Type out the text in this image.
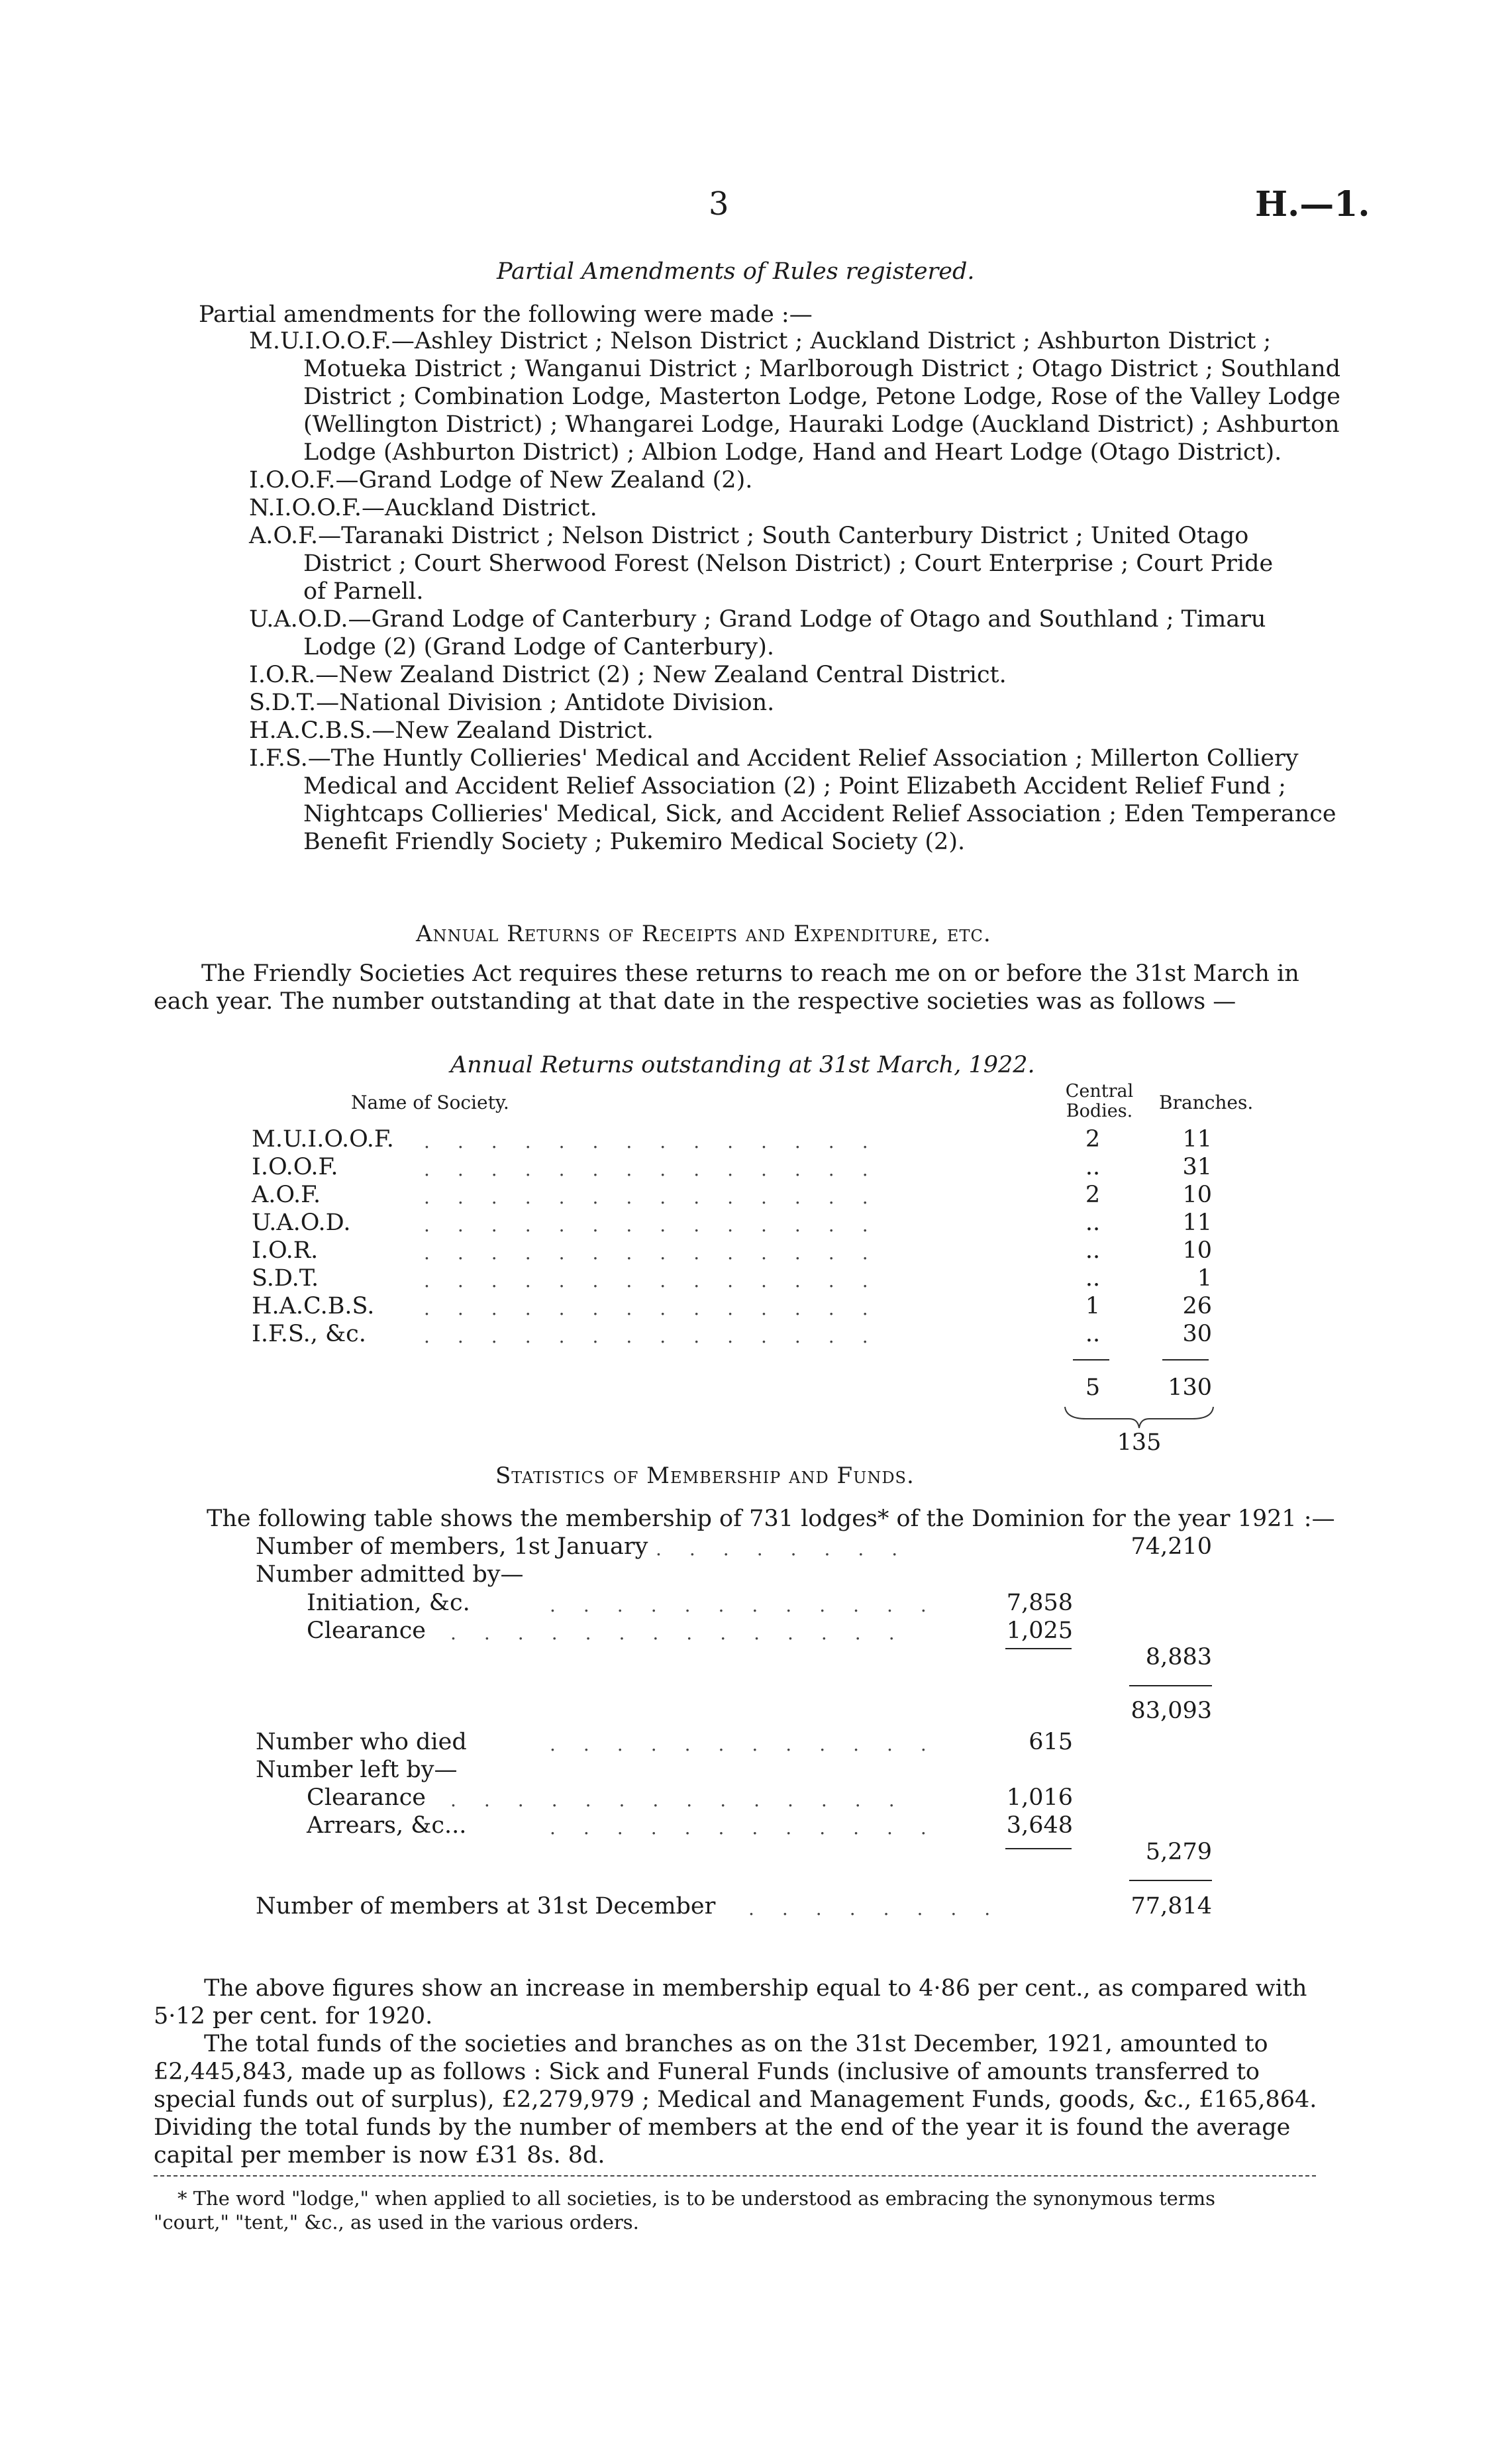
3	H.—1.
Partial Amendments of Rules registered.
Partial amendments for the following were made :—
M.U.I.O.O.F.—Ashley District ; Nelson District ; Auckland District ; Ashburton District ;
Motueka District ; Wanganui District ; Marlborough District ; Otago District ; Southland
District ; Combination Lodge, Masterton Lodge, Petone Lodge, Rose of the Valley Lodge
(Wellington District) ; Whangarei Lodge, Hauraki Lodge (Auckland District) ; Ashburton
Lodge (Ashburton District) ; Albion Lodge, Hand and Heart Lodge (Otago District).
I.O.O.F.—Grand Lodge of New Zealand (2).
N.I.O.O.F.—Auckland District.
A.O.F.—Taranaki District ; Nelson District ; South Canterbury District ; United Otago
District ; Court Sherwood Forest (Nelson District) ; Court Enterprise ; Court Pride
of Parnell.
U.A.O.D.—Grand Lodge of Canterbury ; Grand Lodge of Otago and Southland ; Timaru
Lodge (2) (Grand Lodge of Canterbury).
I.O.R.—New Zealand District (2) ; New Zealand Central District.
S.D.T.—National Division ; Antidote Division.
H.A.C.B.S.—New Zealand District.
I.F.S.—The Huntly Collieries' Medical and Accident Relief Association ; Millerton Colliery
Medical and Accident Relief Association (2) ; Point Elizabeth Accident Relief Fund ;
Nightcaps Collieries' Medical, Sick, and Accident Relief Association ; Eden Temperance
Benefit Friendly Society ; Pukemiro Medical Society (2).
Annual Returns of Receipts and Expenditure, etc.
The Friendly Societies Act requires these returns to reach me on or before the 31st March in
each year. The number outstanding at that date in the respective societies was as follows —
Annual Returns outstanding at 31st March, 1922.
Name of Society.
Central
Bodies.	Branches.
M.U.I.O.O.F. ..............	2	11
I.O.O.F.	..............	..	31
A.O.F.	..............	2	10
U.A.O.D.	..............	..	11
I.O.R.	..............	..	10
S.D.T.	..............	..	1
H.A.C.B.S.	..............	1	26
I.F.S., &c.	..............	..	30
5	130
135
Statistics of Membership and Funds.
The following table shows the membership of 731 lodges* of the Dominion for the year 1921 :—
Number of members, 1st January ........	74,210
Number admitted by—
Initiation, &c.	............	7,858
Clearance ..............	1,025
8,883
83,093
Number who died	............	615
Number left by—
Clearance ..............	1,016
Arrears, &c...	............	3,648
5,279
Number of members at 31st December ........	77,814
The above figures show an increase in membership equal to 4·86 per cent., as compared with
5·12 per cent. for 1920.
The total funds of the societies and branches as on the 31st December, 1921, amounted to
£2,445,843, made up as follows : Sick and Funeral Funds (inclusive of amounts transferred to
special funds out of surplus), £2,279,979 ; Medical and Management Funds, goods, &c., £165,864.
Dividing the total funds by the number of members at the end of the year it is found the average
capital per member is now £31 8s. 8d.
* The word "lodge," when applied to all societies, is to be understood as embracing the synonymous terms
"court," "tent," &c., as used in the various orders.
